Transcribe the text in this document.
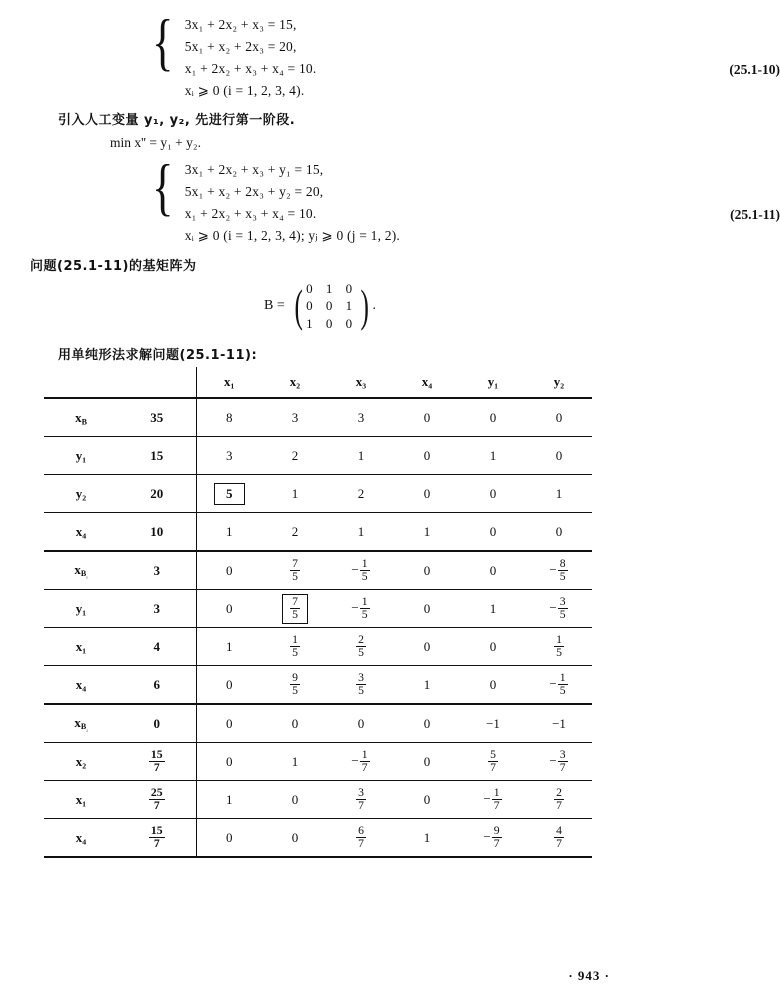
{ 3x₁ + 2x₂ + x₃ = 15,
5x₁ + x₂ + 2x₃ = 20,
x₁ + 2x₂ + x₃ + x₄ = 10.
xᵢ ⩾ 0 (i = 1, 2, 3, 4).
(25.1-10)
引入人工变量 y₁, y₂, 先进行第一阶段.
min x'' = y₁ + y₂.
{ 3x₁ + 2x₂ + x₃ + y₁ = 15,
5x₁ + x₂ + 2x₃ + y₂ = 20,
x₁ + 2x₂ + x₃ + x₄ = 10.
xᵢ ⩾ 0 (i = 1, 2, 3, 4); yⱼ ⩾ 0 (j = 1, 2).
(25.1-11)
问题(25.1-11)的基矩阵为
B = ( 0 1 0
0 0 1
1 0 0 ) .
用单纯形法求解问题(25.1-11):
		x₁	x₂	x₃	x₄	y₁	y₂
$x_B$	35	8	3	3	0	0	0
y₁	15	3	2	1	0	1	0
y₂	20	5	1	2	0	0	1
x₄	10	1	2	1	1	0	0
$x_{B_{_1}}$	3	0	$\frac{7}{5}$	− $\frac{1}{5}$	0	0	− $\frac{8}{5}$

y₁	3	0	$\frac{7}{5}$	− $\frac{1}{5}$	0	1	− $\frac{3}{5}$

x₁	4	1	$\frac{1}{5}$	$\frac{2}{5}$	0	0	$\frac{1}{5}$

x₄	6	0	$\frac{9}{5}$	$\frac{3}{5}$	1	0	− $\frac{1}{5}$

$x_{B_{_2}}$	0	0	0	0	0	−1	−1
x₂	$\frac{15}{7}$	0	1	− $\frac{1}{7}$	0	$\frac{5}{7}$	− $\frac{3}{7}$

x₁	$\frac{25}{7}$	1	0	$\frac{3}{7}$	0	− $\frac{1}{7}$	$\frac{2}{7}$

x₄	$\frac{15}{7}$	0	0	$\frac{6}{7}$	1	− $\frac{9}{7}$	$\frac{4}{7}$
· 943 ·
